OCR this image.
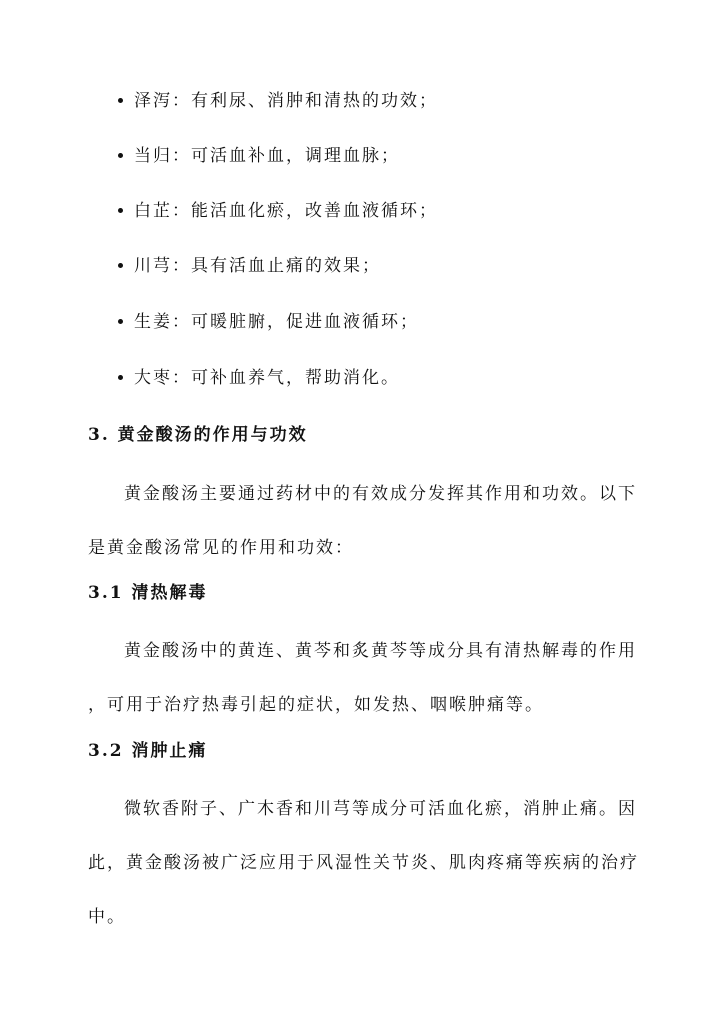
泽泻：有利尿、消肿和清热的功效；
当归：可活血补血，调理血脉；
白芷：能活血化瘀，改善血液循环；
川芎：具有活血止痛的效果；
生姜：可暖脏腑，促进血液循环；
大枣：可补血养气，帮助消化。
3. 黄金酸汤的作用与功效
黄金酸汤主要通过药材中的有效成分发挥其作用和功效。以下
是黄金酸汤常见的作用和功效：
3.1 清热解毒
黄金酸汤中的黄连、黄芩和炙黄芩等成分具有清热解毒的作用
，可用于治疗热毒引起的症状，如发热、咽喉肿痛等。
3.2 消肿止痛
微软香附子、广木香和川芎等成分可活血化瘀，消肿止痛。因
此，黄金酸汤被广泛应用于风湿性关节炎、肌肉疼痛等疾病的治疗
中。
